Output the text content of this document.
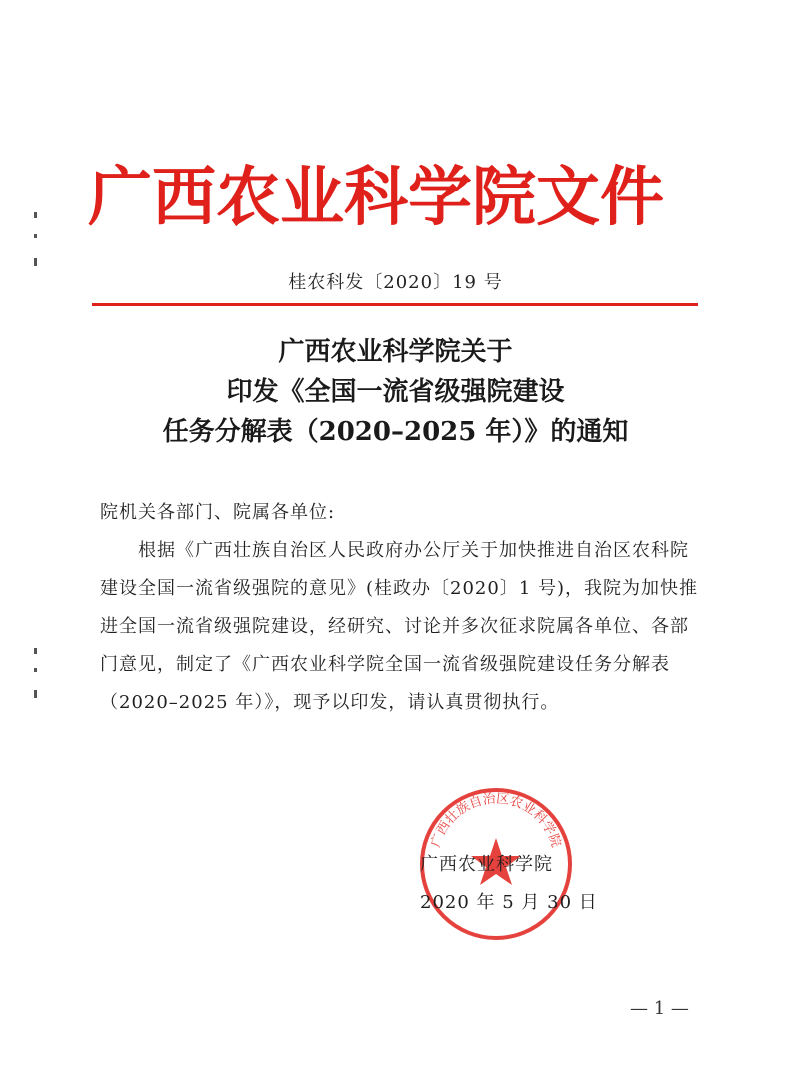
广西农业科学院文件
桂农科发〔2020〕19 号
广西农业科学院关于
印发《全国一流省级强院建设
任务分解表（2020–2025 年）》的通知

院机关各部门、院属各单位:

根据《广西壮族自治区人民政府办公厅关于加快推进自治区农科院建设全国一流省级强院的意见》(桂政办〔2020〕1 号)，我院为加快推进全国一流省级强院建设，经研究、讨论并多次征求院属各单位、各部门意见，制定了《广西农业科学院全国一流省级强院建设任务分解表（2020–2025 年）》，现予以印发，请认真贯彻执行。

广西壮族自治区农业科学院
广西农业科学院
2020 年 5 月 30 日
— 1 —
